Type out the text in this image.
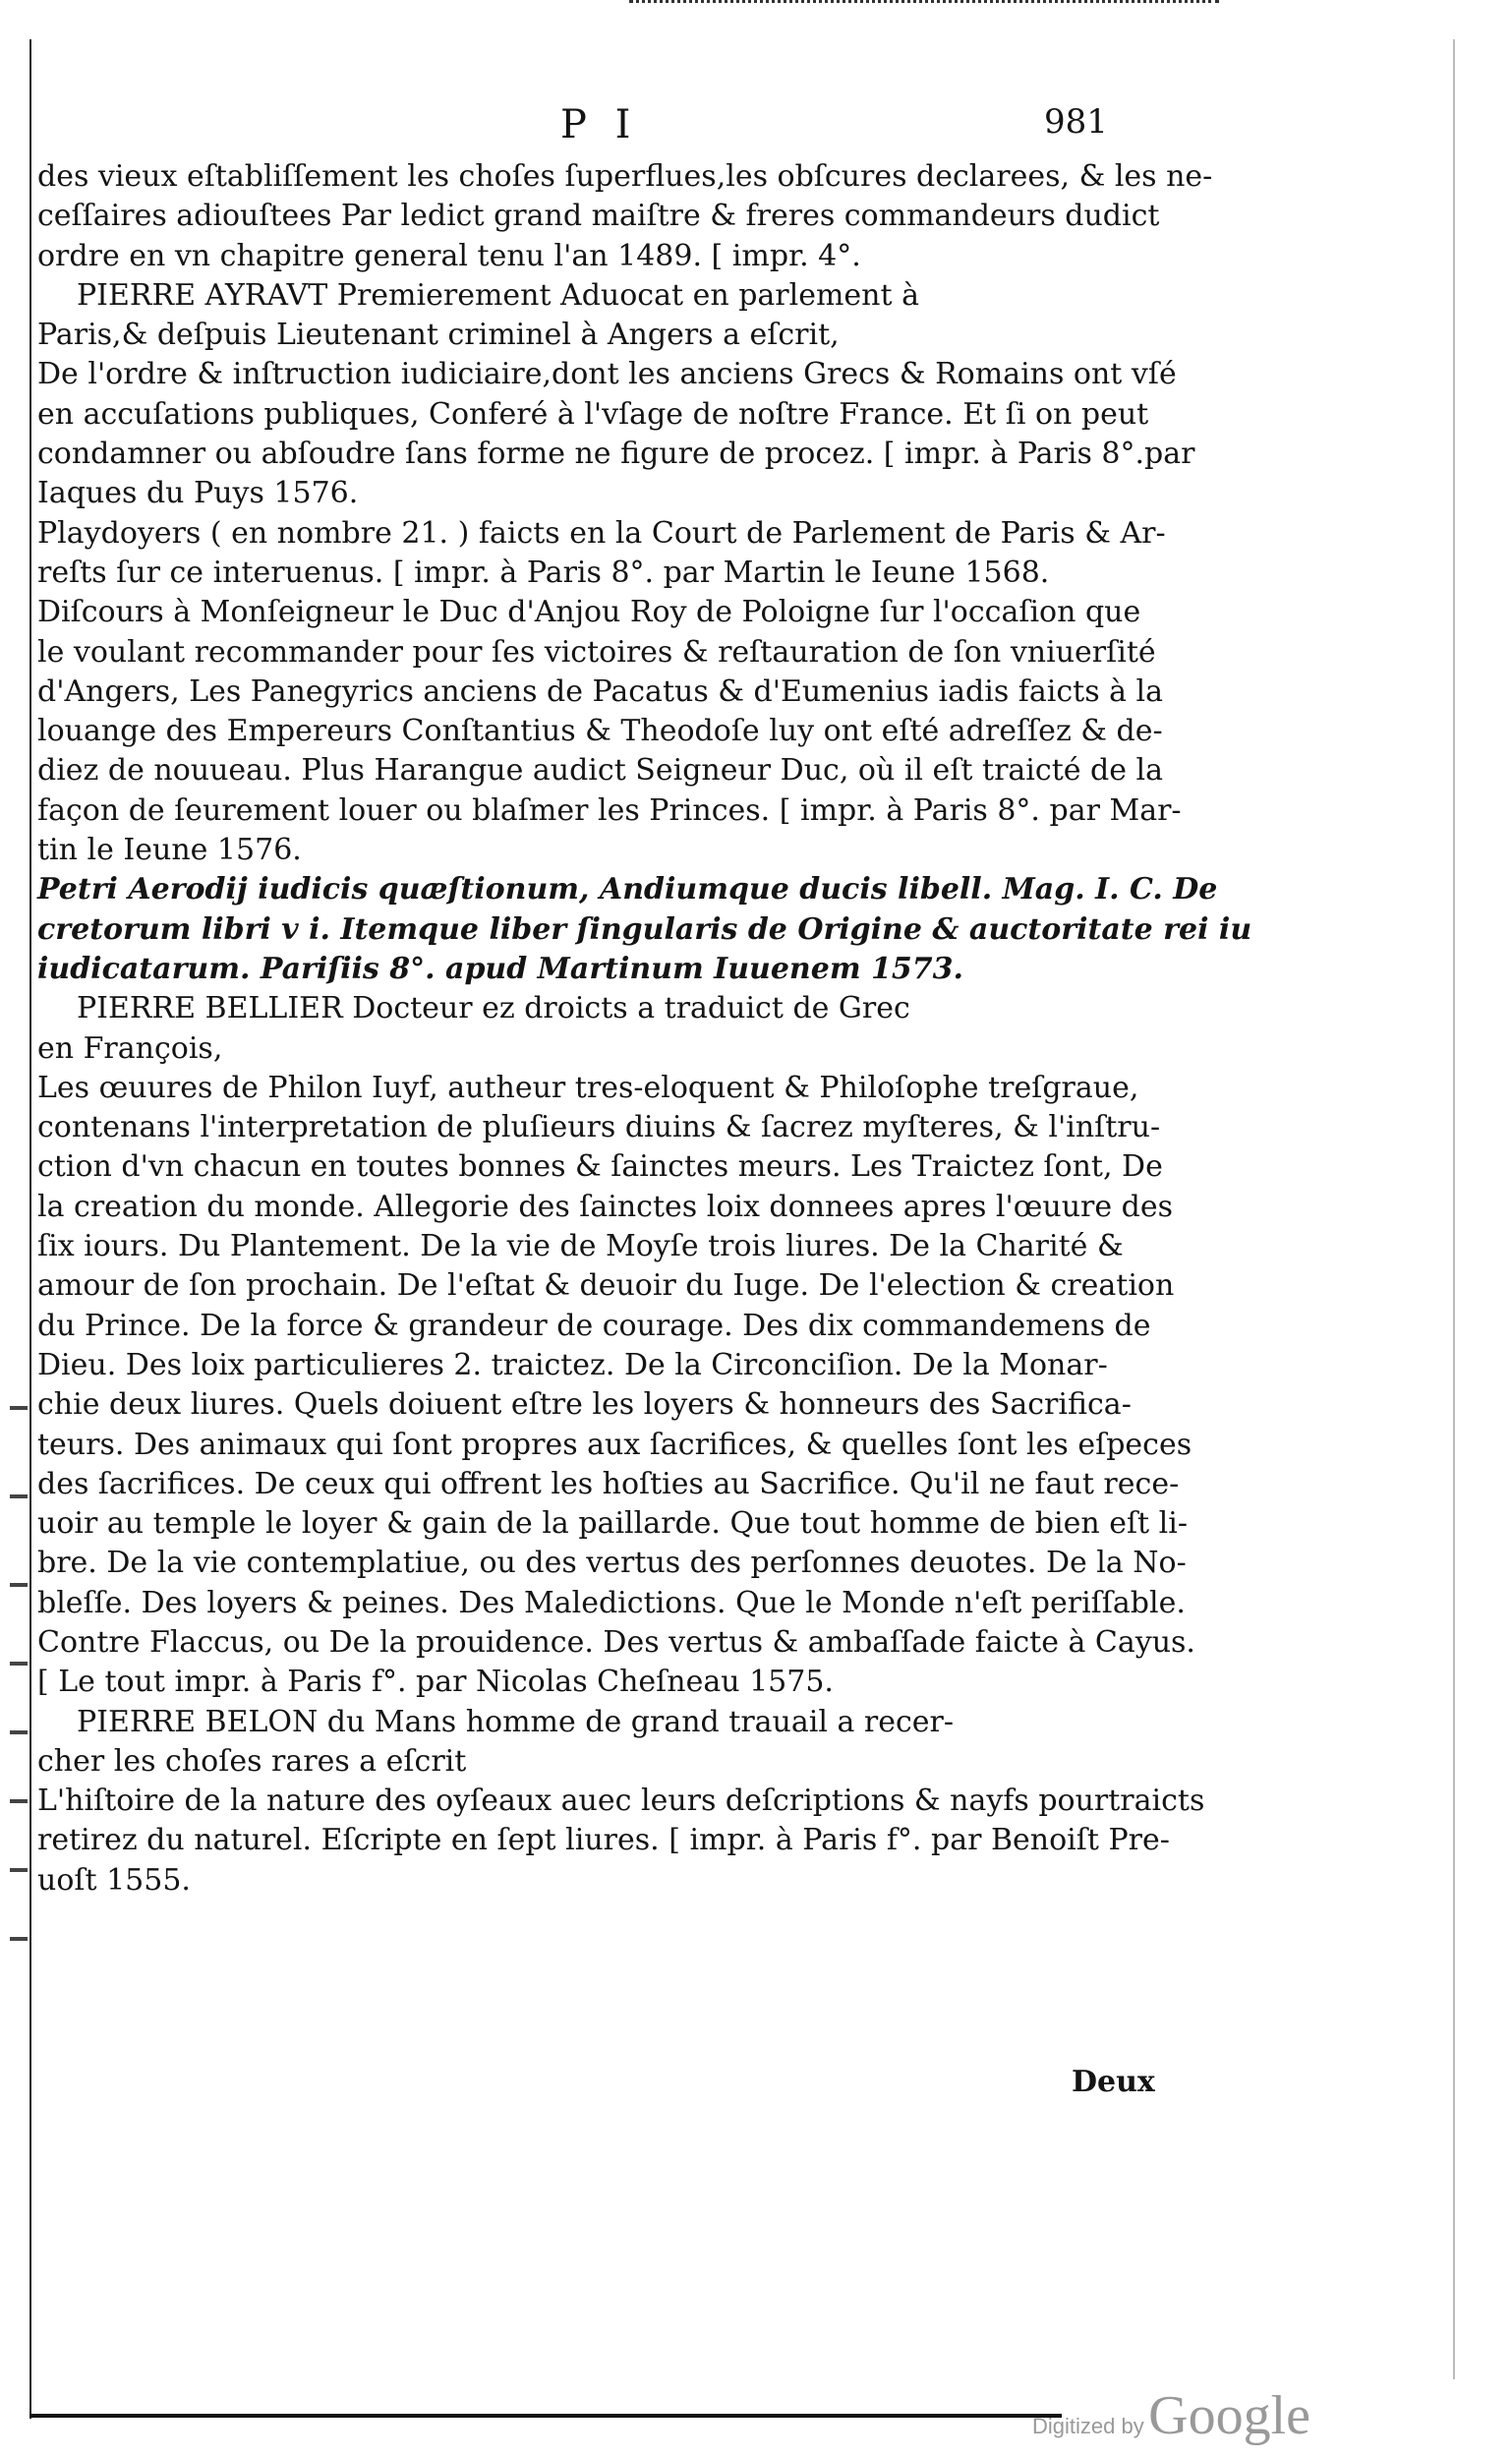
P I	981
des vieux eſtabliſſement les choſes ſuperflues,les obſcures declarees, & les ne-
ceſſaires adiouſtees Par ledict grand maiſtre & freres commandeurs dudict
ordre en vn chapitre general tenu l'an 1489. [ impr. 4°.
PIERRE AYRAVT Premierement Aduocat en parlement à
Paris,& deſpuis Lieutenant criminel à Angers a eſcrit,
De l'ordre & inſtruction iudiciaire,dont les anciens Grecs & Romains ont vſé
en accuſations publiques, Conferé à l'vſage de noſtre France. Et ſi on peut
condamner ou abſoudre ſans forme ne figure de procez. [ impr. à Paris 8°.par
Iaques du Puys 1576.
Playdoyers ( en nombre 21. ) faicts en la Court de Parlement de Paris & Ar-
reſts ſur ce interuenus. [ impr. à Paris 8°. par Martin le Ieune 1568.
Diſcours à Monſeigneur le Duc d'Anjou Roy de Poloigne ſur l'occaſion que
le voulant recommander pour ſes victoires & reſtauration de ſon vniuerſité
d'Angers, Les Panegyrics anciens de Pacatus & d'Eumenius iadis faicts à la
louange des Empereurs Conſtantius & Theodoſe luy ont eſté adreſſez & de-
diez de nouueau. Plus Harangue audict Seigneur Duc, où il eſt traicté de la
façon de ſeurement louer ou blaſmer les Princes. [ impr. à Paris 8°. par Mar-
tin le Ieune 1576.
Petri Aerodij iudicis quæſtionum, Andiumque ducis libell. Mag. I. C. De
cretorum libri v i. Itemque liber ſingularis de Origine & auctoritate rei iu
iudicatarum. Pariſiis 8°. apud Martinum Iuuenem 1573.
PIERRE BELLIER Docteur ez droicts a traduict de Grec
en François,
Les œuures de Philon Iuyf, autheur tres-eloquent & Philoſophe treſgraue,
contenans l'interpretation de pluſieurs diuins & ſacrez myſteres, & l'inſtru-
ction d'vn chacun en toutes bonnes & ſainctes meurs. Les Traictez ſont, De
la creation du monde. Allegorie des ſainctes loix donnees apres l'œuure des
ſix iours. Du Plantement. De la vie de Moyſe trois liures. De la Charité &
amour de ſon prochain. De l'eſtat & deuoir du Iuge. De l'election & creation
du Prince. De la force & grandeur de courage. Des dix commandemens de
Dieu. Des loix particulieres 2. traictez. De la Circonciſion. De la Monar-
chie deux liures. Quels doiuent eſtre les loyers & honneurs des Sacrifica-
teurs. Des animaux qui ſont propres aux ſacrifices, & quelles ſont les eſpeces
des ſacrifices. De ceux qui offrent les hoſties au Sacrifice. Qu'il ne faut rece-
uoir au temple le loyer & gain de la paillarde. Que tout homme de bien eſt li-
bre. De la vie contemplatiue, ou des vertus des perſonnes deuotes. De la No-
bleſſe. Des loyers & peines. Des Maledictions. Que le Monde n'eſt periſſable.
Contre Flaccus, ou De la prouidence. Des vertus & ambaſſade faicte à Cayus.
[ Le tout impr. à Paris f°. par Nicolas Cheſneau 1575.
PIERRE BELON du Mans homme de grand trauail a recer-
cher les choſes rares a eſcrit
L'hiſtoire de la nature des oyſeaux auec leurs deſcriptions & nayfs pourtraicts
retirez du naturel. Eſcripte en ſept liures. [ impr. à Paris f°. par Benoiſt Pre-
uoſt 1555.
Deux
Digitized by Google
